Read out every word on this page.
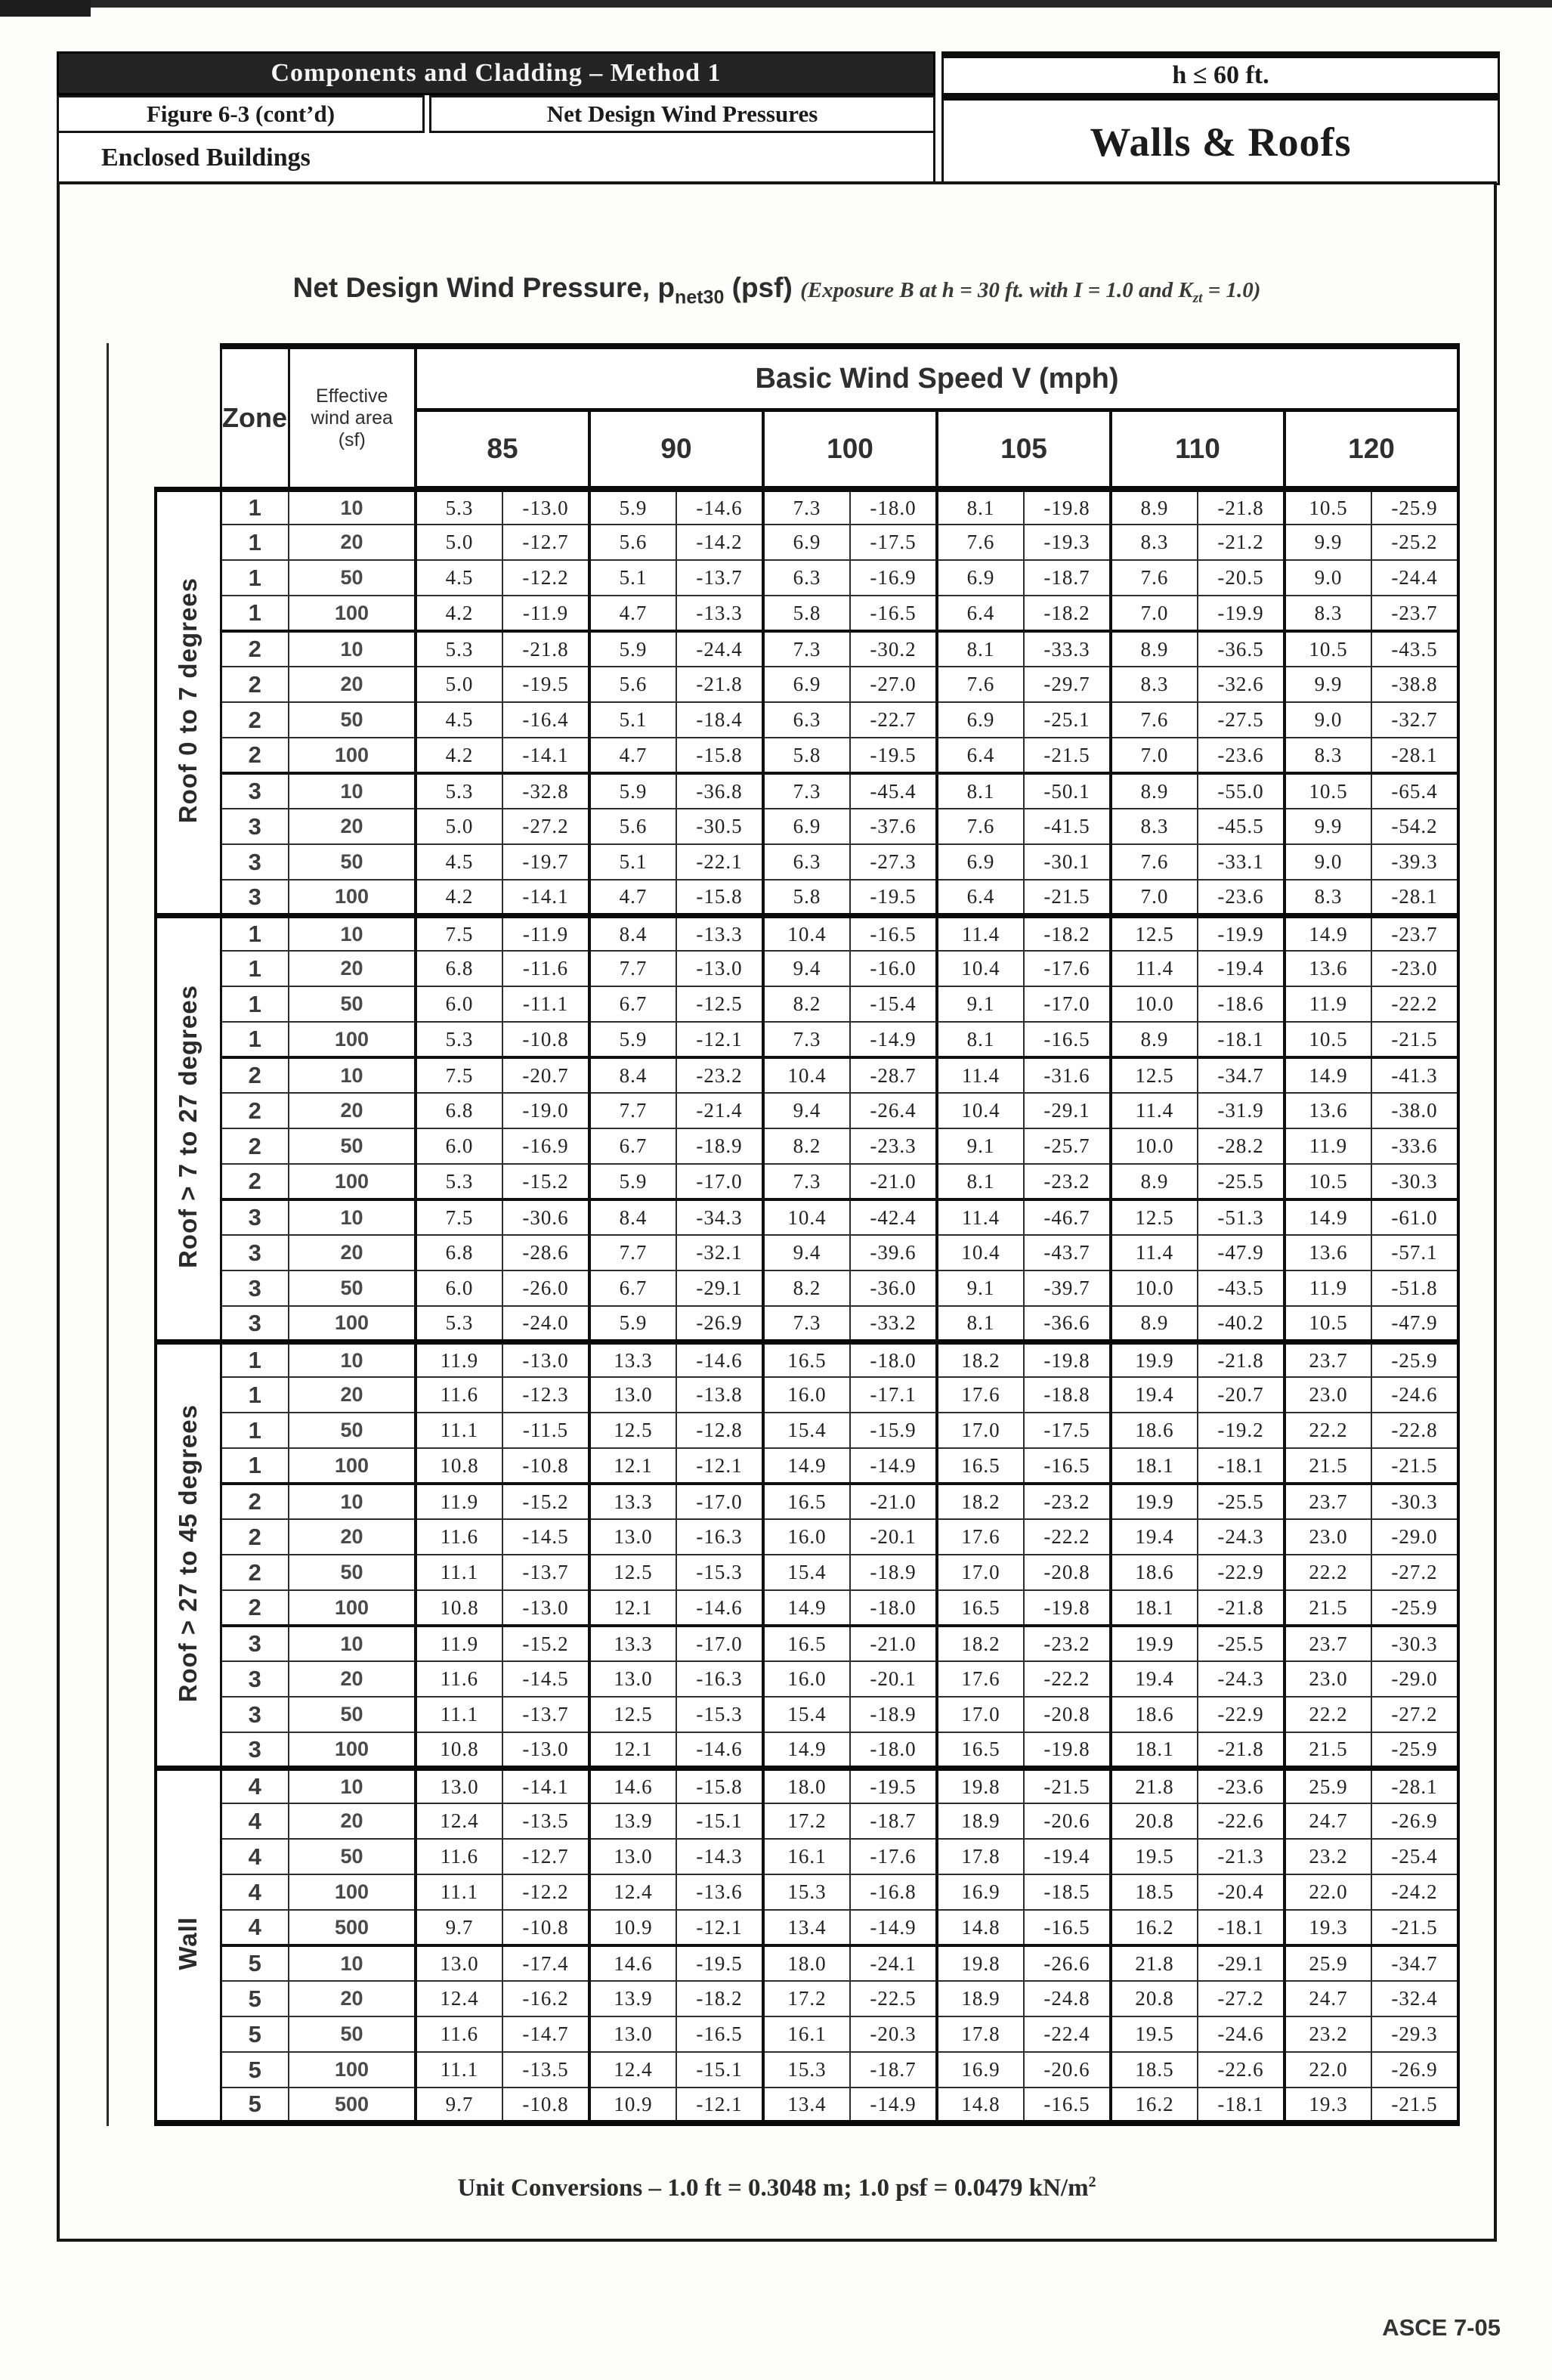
Components and Cladding – Method 1
Figure 6-3 (cont’d)	Net Design Wind Pressures
Enclosed Buildings
h ≤ 60 ft.
Walls & Roofs
Net Design Wind Pressure, $p_{net30}$ (psf) (Exposure B at h = 30 ft. with I = 1.0 and $K_{zt} = 1.0$)
	Zone	Effective
wind area
(sf)	Basic Wind Speed V (mph)											
			85		90		100		105		110		120	
Roof 0 to 7 degrees	1	10	5.3	-13.0	5.9	-14.6	7.3	-18.0	8.1	-19.8	8.9	-21.8	10.5	-25.9
	1	20	5.0	-12.7	5.6	-14.2	6.9	-17.5	7.6	-19.3	8.3	-21.2	9.9	-25.2
	1	50	4.5	-12.2	5.1	-13.7	6.3	-16.9	6.9	-18.7	7.6	-20.5	9.0	-24.4
	1	100	4.2	-11.9	4.7	-13.3	5.8	-16.5	6.4	-18.2	7.0	-19.9	8.3	-23.7
	2	10	5.3	-21.8	5.9	-24.4	7.3	-30.2	8.1	-33.3	8.9	-36.5	10.5	-43.5
	2	20	5.0	-19.5	5.6	-21.8	6.9	-27.0	7.6	-29.7	8.3	-32.6	9.9	-38.8
	2	50	4.5	-16.4	5.1	-18.4	6.3	-22.7	6.9	-25.1	7.6	-27.5	9.0	-32.7
	2	100	4.2	-14.1	4.7	-15.8	5.8	-19.5	6.4	-21.5	7.0	-23.6	8.3	-28.1
	3	10	5.3	-32.8	5.9	-36.8	7.3	-45.4	8.1	-50.1	8.9	-55.0	10.5	-65.4
	3	20	5.0	-27.2	5.6	-30.5	6.9	-37.6	7.6	-41.5	8.3	-45.5	9.9	-54.2
	3	50	4.5	-19.7	5.1	-22.1	6.3	-27.3	6.9	-30.1	7.6	-33.1	9.0	-39.3
	3	100	4.2	-14.1	4.7	-15.8	5.8	-19.5	6.4	-21.5	7.0	-23.6	8.3	-28.1
Roof > 7 to 27 degrees	1	10	7.5	-11.9	8.4	-13.3	10.4	-16.5	11.4	-18.2	12.5	-19.9	14.9	-23.7
	1	20	6.8	-11.6	7.7	-13.0	9.4	-16.0	10.4	-17.6	11.4	-19.4	13.6	-23.0
	1	50	6.0	-11.1	6.7	-12.5	8.2	-15.4	9.1	-17.0	10.0	-18.6	11.9	-22.2
	1	100	5.3	-10.8	5.9	-12.1	7.3	-14.9	8.1	-16.5	8.9	-18.1	10.5	-21.5
	2	10	7.5	-20.7	8.4	-23.2	10.4	-28.7	11.4	-31.6	12.5	-34.7	14.9	-41.3
	2	20	6.8	-19.0	7.7	-21.4	9.4	-26.4	10.4	-29.1	11.4	-31.9	13.6	-38.0
	2	50	6.0	-16.9	6.7	-18.9	8.2	-23.3	9.1	-25.7	10.0	-28.2	11.9	-33.6
	2	100	5.3	-15.2	5.9	-17.0	7.3	-21.0	8.1	-23.2	8.9	-25.5	10.5	-30.3
	3	10	7.5	-30.6	8.4	-34.3	10.4	-42.4	11.4	-46.7	12.5	-51.3	14.9	-61.0
	3	20	6.8	-28.6	7.7	-32.1	9.4	-39.6	10.4	-43.7	11.4	-47.9	13.6	-57.1
	3	50	6.0	-26.0	6.7	-29.1	8.2	-36.0	9.1	-39.7	10.0	-43.5	11.9	-51.8
	3	100	5.3	-24.0	5.9	-26.9	7.3	-33.2	8.1	-36.6	8.9	-40.2	10.5	-47.9
Roof > 27 to 45 degrees	1	10	11.9	-13.0	13.3	-14.6	16.5	-18.0	18.2	-19.8	19.9	-21.8	23.7	-25.9
	1	20	11.6	-12.3	13.0	-13.8	16.0	-17.1	17.6	-18.8	19.4	-20.7	23.0	-24.6
	1	50	11.1	-11.5	12.5	-12.8	15.4	-15.9	17.0	-17.5	18.6	-19.2	22.2	-22.8
	1	100	10.8	-10.8	12.1	-12.1	14.9	-14.9	16.5	-16.5	18.1	-18.1	21.5	-21.5
	2	10	11.9	-15.2	13.3	-17.0	16.5	-21.0	18.2	-23.2	19.9	-25.5	23.7	-30.3
	2	20	11.6	-14.5	13.0	-16.3	16.0	-20.1	17.6	-22.2	19.4	-24.3	23.0	-29.0
	2	50	11.1	-13.7	12.5	-15.3	15.4	-18.9	17.0	-20.8	18.6	-22.9	22.2	-27.2
	2	100	10.8	-13.0	12.1	-14.6	14.9	-18.0	16.5	-19.8	18.1	-21.8	21.5	-25.9
	3	10	11.9	-15.2	13.3	-17.0	16.5	-21.0	18.2	-23.2	19.9	-25.5	23.7	-30.3
	3	20	11.6	-14.5	13.0	-16.3	16.0	-20.1	17.6	-22.2	19.4	-24.3	23.0	-29.0
	3	50	11.1	-13.7	12.5	-15.3	15.4	-18.9	17.0	-20.8	18.6	-22.9	22.2	-27.2
	3	100	10.8	-13.0	12.1	-14.6	14.9	-18.0	16.5	-19.8	18.1	-21.8	21.5	-25.9
Wall	4	10	13.0	-14.1	14.6	-15.8	18.0	-19.5	19.8	-21.5	21.8	-23.6	25.9	-28.1
	4	20	12.4	-13.5	13.9	-15.1	17.2	-18.7	18.9	-20.6	20.8	-22.6	24.7	-26.9
	4	50	11.6	-12.7	13.0	-14.3	16.1	-17.6	17.8	-19.4	19.5	-21.3	23.2	-25.4
	4	100	11.1	-12.2	12.4	-13.6	15.3	-16.8	16.9	-18.5	18.5	-20.4	22.0	-24.2
	4	500	9.7	-10.8	10.9	-12.1	13.4	-14.9	14.8	-16.5	16.2	-18.1	19.3	-21.5
	5	10	13.0	-17.4	14.6	-19.5	18.0	-24.1	19.8	-26.6	21.8	-29.1	25.9	-34.7
	5	20	12.4	-16.2	13.9	-18.2	17.2	-22.5	18.9	-24.8	20.8	-27.2	24.7	-32.4
	5	50	11.6	-14.7	13.0	-16.5	16.1	-20.3	17.8	-22.4	19.5	-24.6	23.2	-29.3
	5	100	11.1	-13.5	12.4	-15.1	15.3	-18.7	16.9	-20.6	18.5	-22.6	22.0	-26.9
	5	500	9.7	-10.8	10.9	-12.1	13.4	-14.9	14.8	-16.5	16.2	-18.1	19.3	-21.5
Unit Conversions – 1.0 ft = 0.3048 m; 1.0 psf = 0.0479 $kN/m^2$
ASCE 7-05
